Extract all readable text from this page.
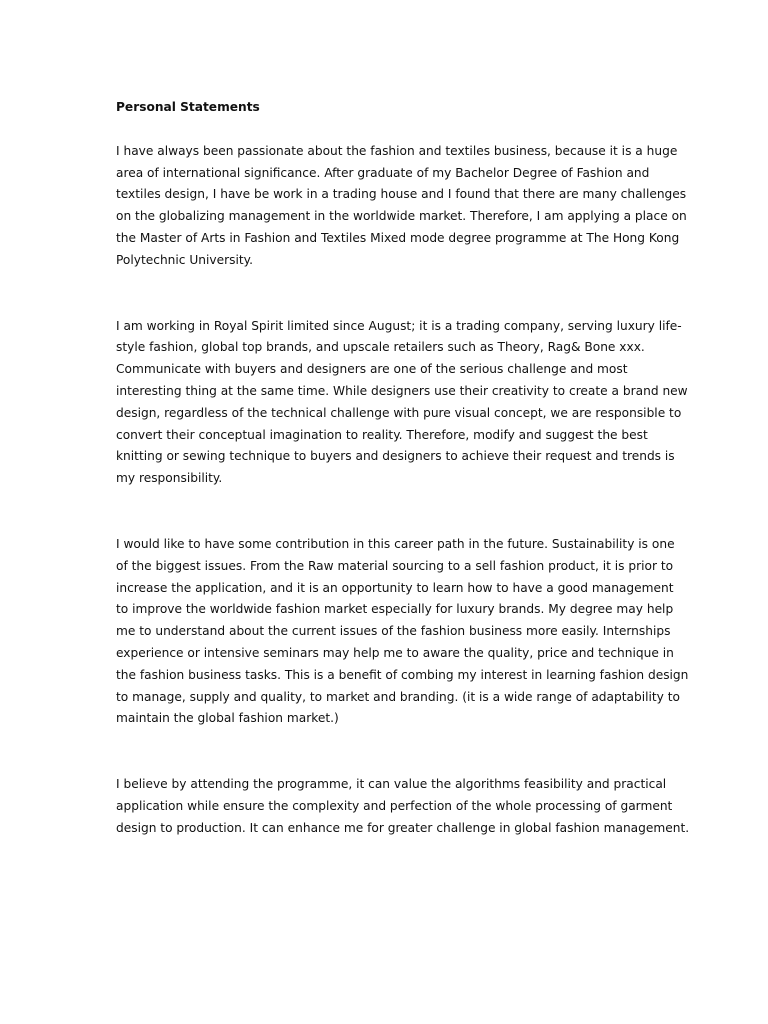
Personal Statements
I have always been passionate about the fashion and textiles business, because it is a huge
area of international significance. After graduate of my Bachelor Degree of Fashion and
textiles design, I have be work in a trading house and I found that there are many challenges
on the globalizing management in the worldwide market. Therefore, I am applying a place on
the Master of Arts in Fashion and Textiles Mixed mode degree programme at The Hong Kong
Polytechnic University.
I am working in Royal Spirit limited since August; it is a trading company, serving luxury life-
style fashion, global top brands, and upscale retailers such as Theory, Rag& Bone xxx.
Communicate with buyers and designers are one of the serious challenge and most
interesting thing at the same time. While designers use their creativity to create a brand new
design, regardless of the technical challenge with pure visual concept, we are responsible to
convert their conceptual imagination to reality. Therefore, modify and suggest the best
knitting or sewing technique to buyers and designers to achieve their request and trends is
my responsibility.
I would like to have some contribution in this career path in the future. Sustainability is one
of the biggest issues. From the Raw material sourcing to a sell fashion product, it is prior to
increase the application, and it is an opportunity to learn how to have a good management
to improve the worldwide fashion market especially for luxury brands. My degree may help
me to understand about the current issues of the fashion business more easily. Internships
experience or intensive seminars may help me to aware the quality, price and technique in
the fashion business tasks. This is a benefit of combing my interest in learning fashion design
to manage, supply and quality, to market and branding. (it is a wide range of adaptability to
maintain the global fashion market.)
I believe by attending the programme, it can value the algorithms feasibility and practical
application while ensure the complexity and perfection of the whole processing of garment
design to production. It can enhance me for greater challenge in global fashion management.
